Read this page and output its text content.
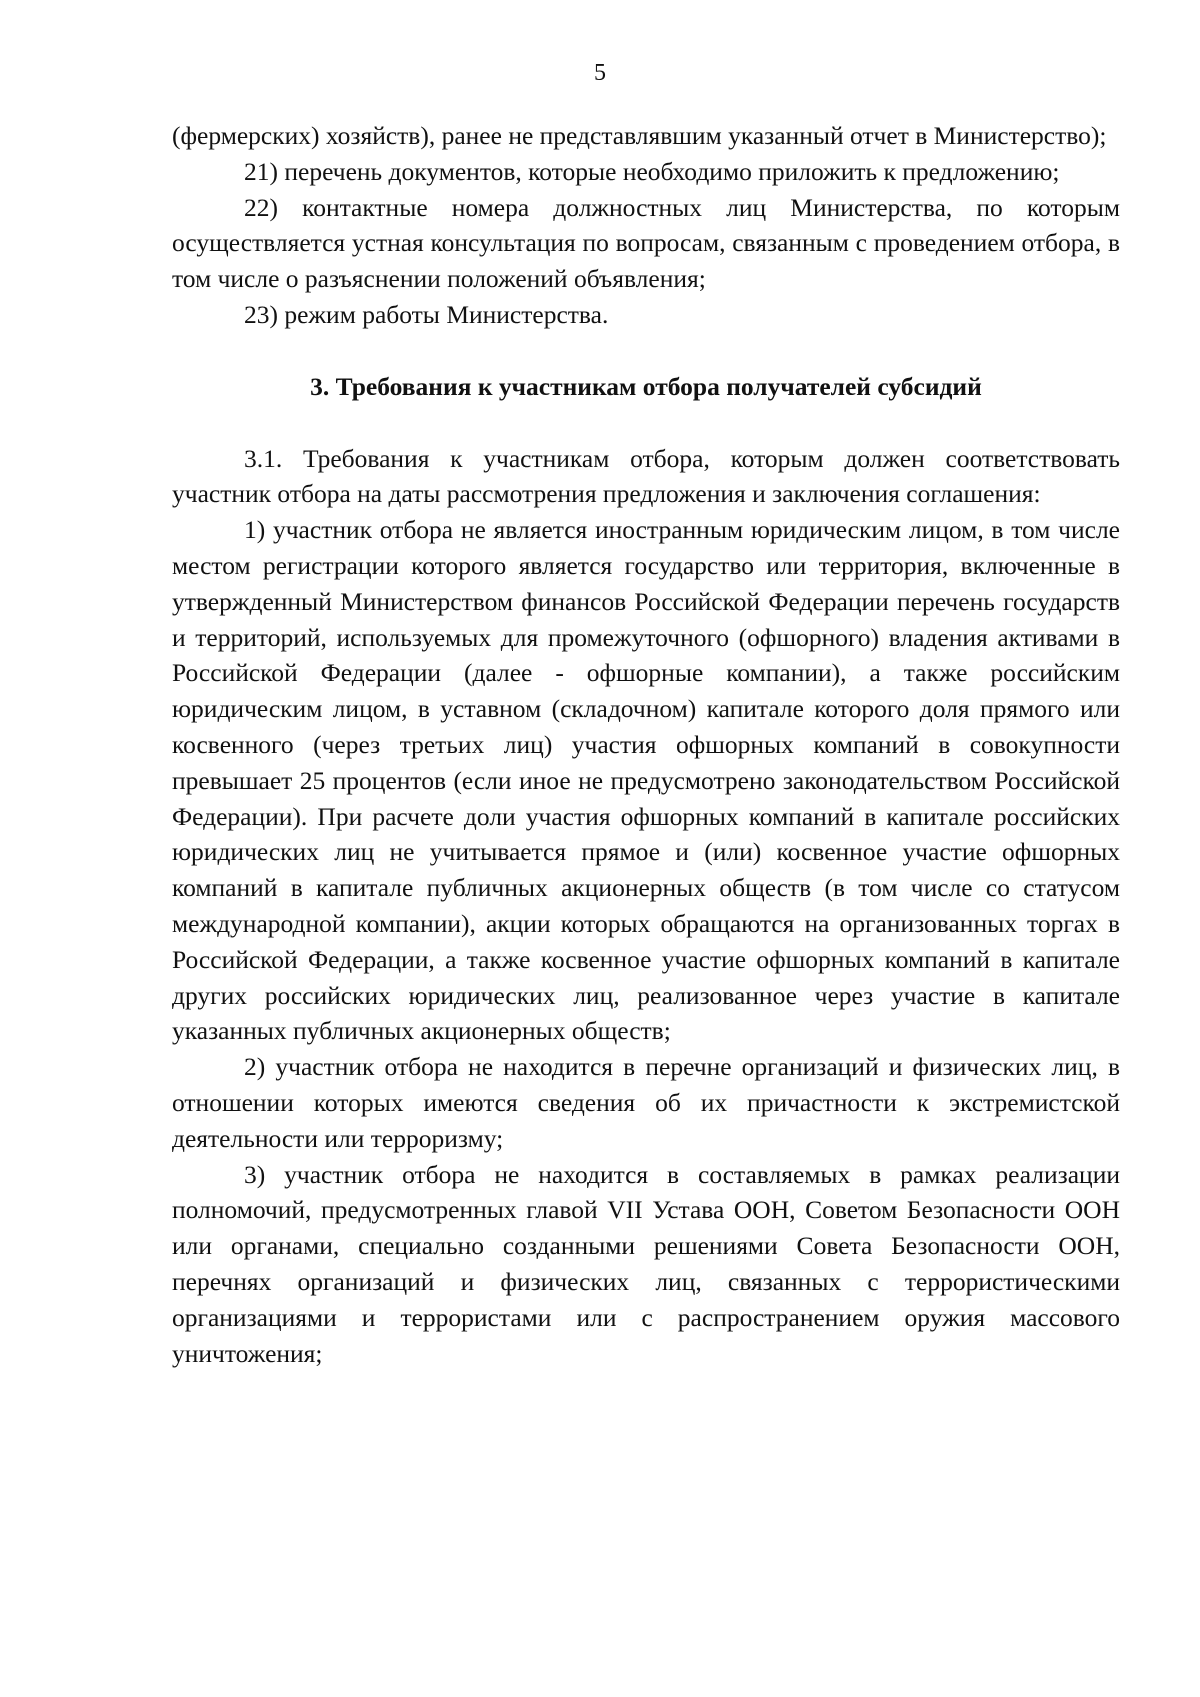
5

(фермерских) хозяйств), ранее не представлявшим указанный отчет в Министерство);

21) перечень документов, которые необходимо приложить к предложению;

22) контактные номера должностных лиц Министерства, по которым осуществляется устная консультация по вопросам, связанным с проведением отбора, в том числе о разъяснении положений объявления;

23) режим работы Министерства.

3. Требования к участникам отбора получателей субсидий

3.1. Требования к участникам отбора, которым должен соответствовать участник отбора на даты рассмотрения предложения и заключения соглашения:

1) участник отбора не является иностранным юридическим лицом, в том числе местом регистрации которого является государство или территория, включенные в утвержденный Министерством финансов Российской Федерации перечень государств и территорий, используемых для промежуточного (офшорного) владения активами в Российской Федерации (далее - офшорные компании), а также российским юридическим лицом, в уставном (складочном) капитале которого доля прямого или косвенного (через третьих лиц) участия офшорных компаний в совокупности превышает 25 процентов (если иное не предусмотрено законодательством Российской Федерации). При расчете доли участия офшорных компаний в капитале российских юридических лиц не учитывается прямое и (или) косвенное участие офшорных компаний в капитале публичных акционерных обществ (в том числе со статусом международной компании), акции которых обращаются на организованных торгах в Российской Федерации, а также косвенное участие офшорных компаний в капитале других российских юридических лиц, реализованное через участие в капитале указанных публичных акционерных обществ;

2) участник отбора не находится в перечне организаций и физических лиц, в отношении которых имеются сведения об их причастности к экстремистской деятельности или терроризму;

3) участник отбора не находится в составляемых в рамках реализации полномочий, предусмотренных главой VII Устава ООН, Советом Безопасности ООН или органами, специально созданными решениями Совета Безопасности ООН, перечнях организаций и физических лиц, связанных с террористическими организациями и террористами или с распространением оружия массового уничтожения;
